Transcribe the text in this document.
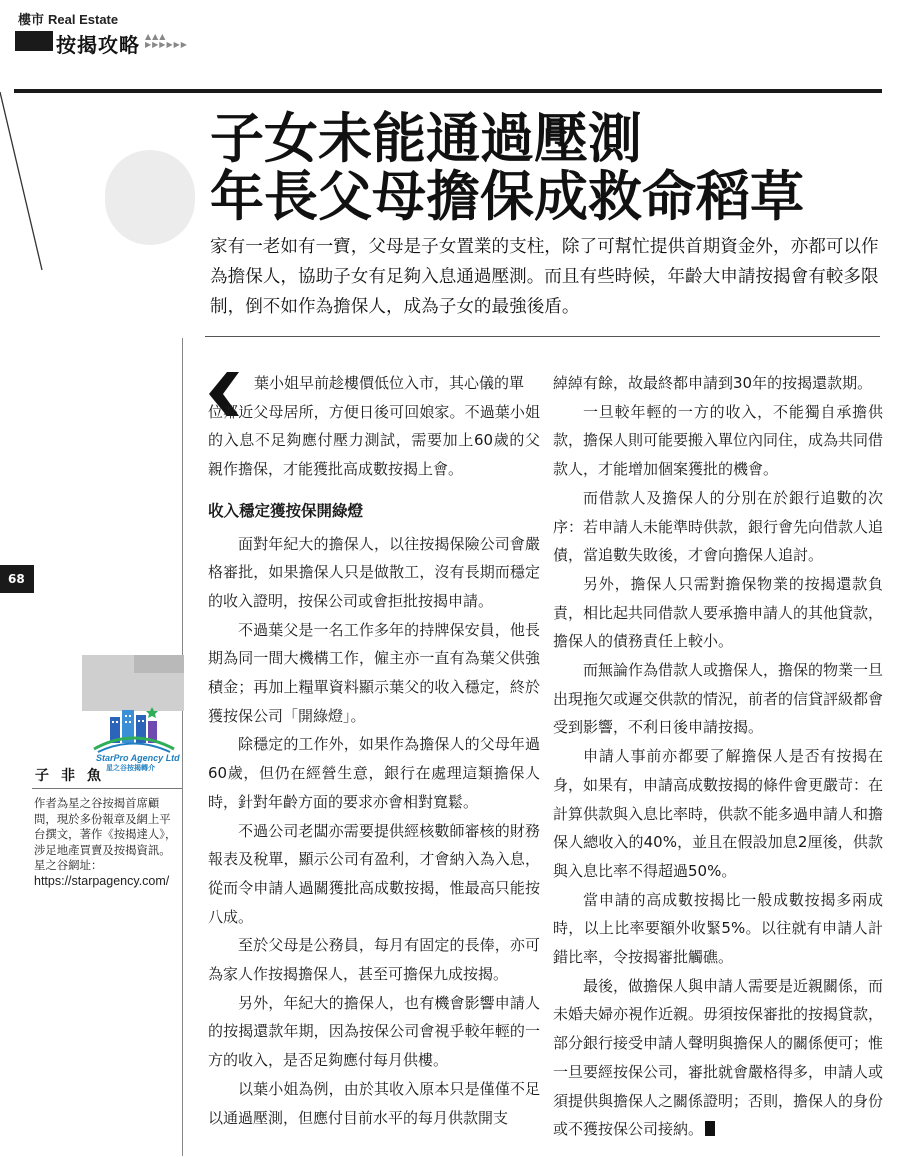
樓市 Real Estate
按揭攻略 ▲▲▲
▶▶▶▶▶▶
子女未能通過壓測
年長父母擔保成救命稻草
家有一老如有一寶，父母是子女置業的支柱，除了可幫忙提供首期資金外，亦都可以作為擔保人，協助子女有足夠入息通過壓測。而且有些時候，年齡大申請按揭會有較多限制，倒不如作為擔保人，成為子女的最強後盾。
68
StarPro Agency Ltd
星之谷按揭轉介
子非魚
作者為星之谷按揭首席顧問，現於多份報章及網上平台撰文，著作《按揭達人》，涉足地產買賣及按揭資訊。
星之谷網址：
https://starpagency.com/

葉小姐早前趁樓價低位入市，其心儀的單

位鄰近父母居所，方便日後可回娘家。不過葉小姐的入息不足夠應付壓力測試，需要加上60歲的父親作擔保，才能獲批高成數按揭上會。

收入穩定獲按保開綠燈

面對年紀大的擔保人，以往按揭保險公司會嚴格審批，如果擔保人只是做散工，沒有長期而穩定的收入證明，按保公司或會拒批按揭申請。

不過葉父是一名工作多年的持牌保安員，他長期為同一間大機構工作，僱主亦一直有為葉父供強積金；再加上糧單資料顯示葉父的收入穩定，終於獲按保公司「開綠燈」。

除穩定的工作外，如果作為擔保人的父母年過60歲，但仍在經營生意，銀行在處理這類擔保人時，針對年齡方面的要求亦會相對寬鬆。

不過公司老闆亦需要提供經核數師審核的財務報表及稅單，顯示公司有盈利，才會納入為入息，從而令申請人過關獲批高成數按揭，惟最高只能按八成。

至於父母是公務員，每月有固定的長俸，亦可為家人作按揭擔保人，甚至可擔保九成按揭。

另外，年紀大的擔保人，也有機會影響申請人的按揭還款年期，因為按保公司會視乎較年輕的一方的收入，是否足夠應付每月供樓。

以葉小姐為例，由於其收入原本只是僅僅不足以通過壓測，但應付目前水平的每月供款開支

綽綽有餘，故最終都申請到30年的按揭還款期。

一旦較年輕的一方的收入，不能獨自承擔供款，擔保人則可能要搬入單位內同住，成為共同借款人，才能增加個案獲批的機會。

而借款人及擔保人的分別在於銀行追數的次序：若申請人未能準時供款，銀行會先向借款人追債，當追數失敗後，才會向擔保人追討。

另外，擔保人只需對擔保物業的按揭還款負責，相比起共同借款人要承擔申請人的其他貸款，擔保人的債務責任上較小。

而無論作為借款人或擔保人，擔保的物業一旦出現拖欠或遲交供款的情況，前者的信貸評級都會受到影響，不利日後申請按揭。

申請人事前亦都要了解擔保人是否有按揭在身，如果有，申請高成數按揭的條件會更嚴苛：在計算供款與入息比率時，供款不能多過申請人和擔保人總收入的40%，並且在假設加息2厘後，供款與入息比率不得超過50%。

當申請的高成數按揭比一般成數按揭多兩成時，以上比率要額外收緊5%。以往就有申請人計錯比率，令按揭審批觸礁。

最後，做擔保人與申請人需要是近親關係，而未婚夫婦亦視作近親。毋須按保審批的按揭貸款，部分銀行接受申請人聲明與擔保人的關係便可；惟一旦要經按保公司，審批就會嚴格得多，申請人或須提供與擔保人之關係證明；否則，擔保人的身份或不獲按保公司接納。
